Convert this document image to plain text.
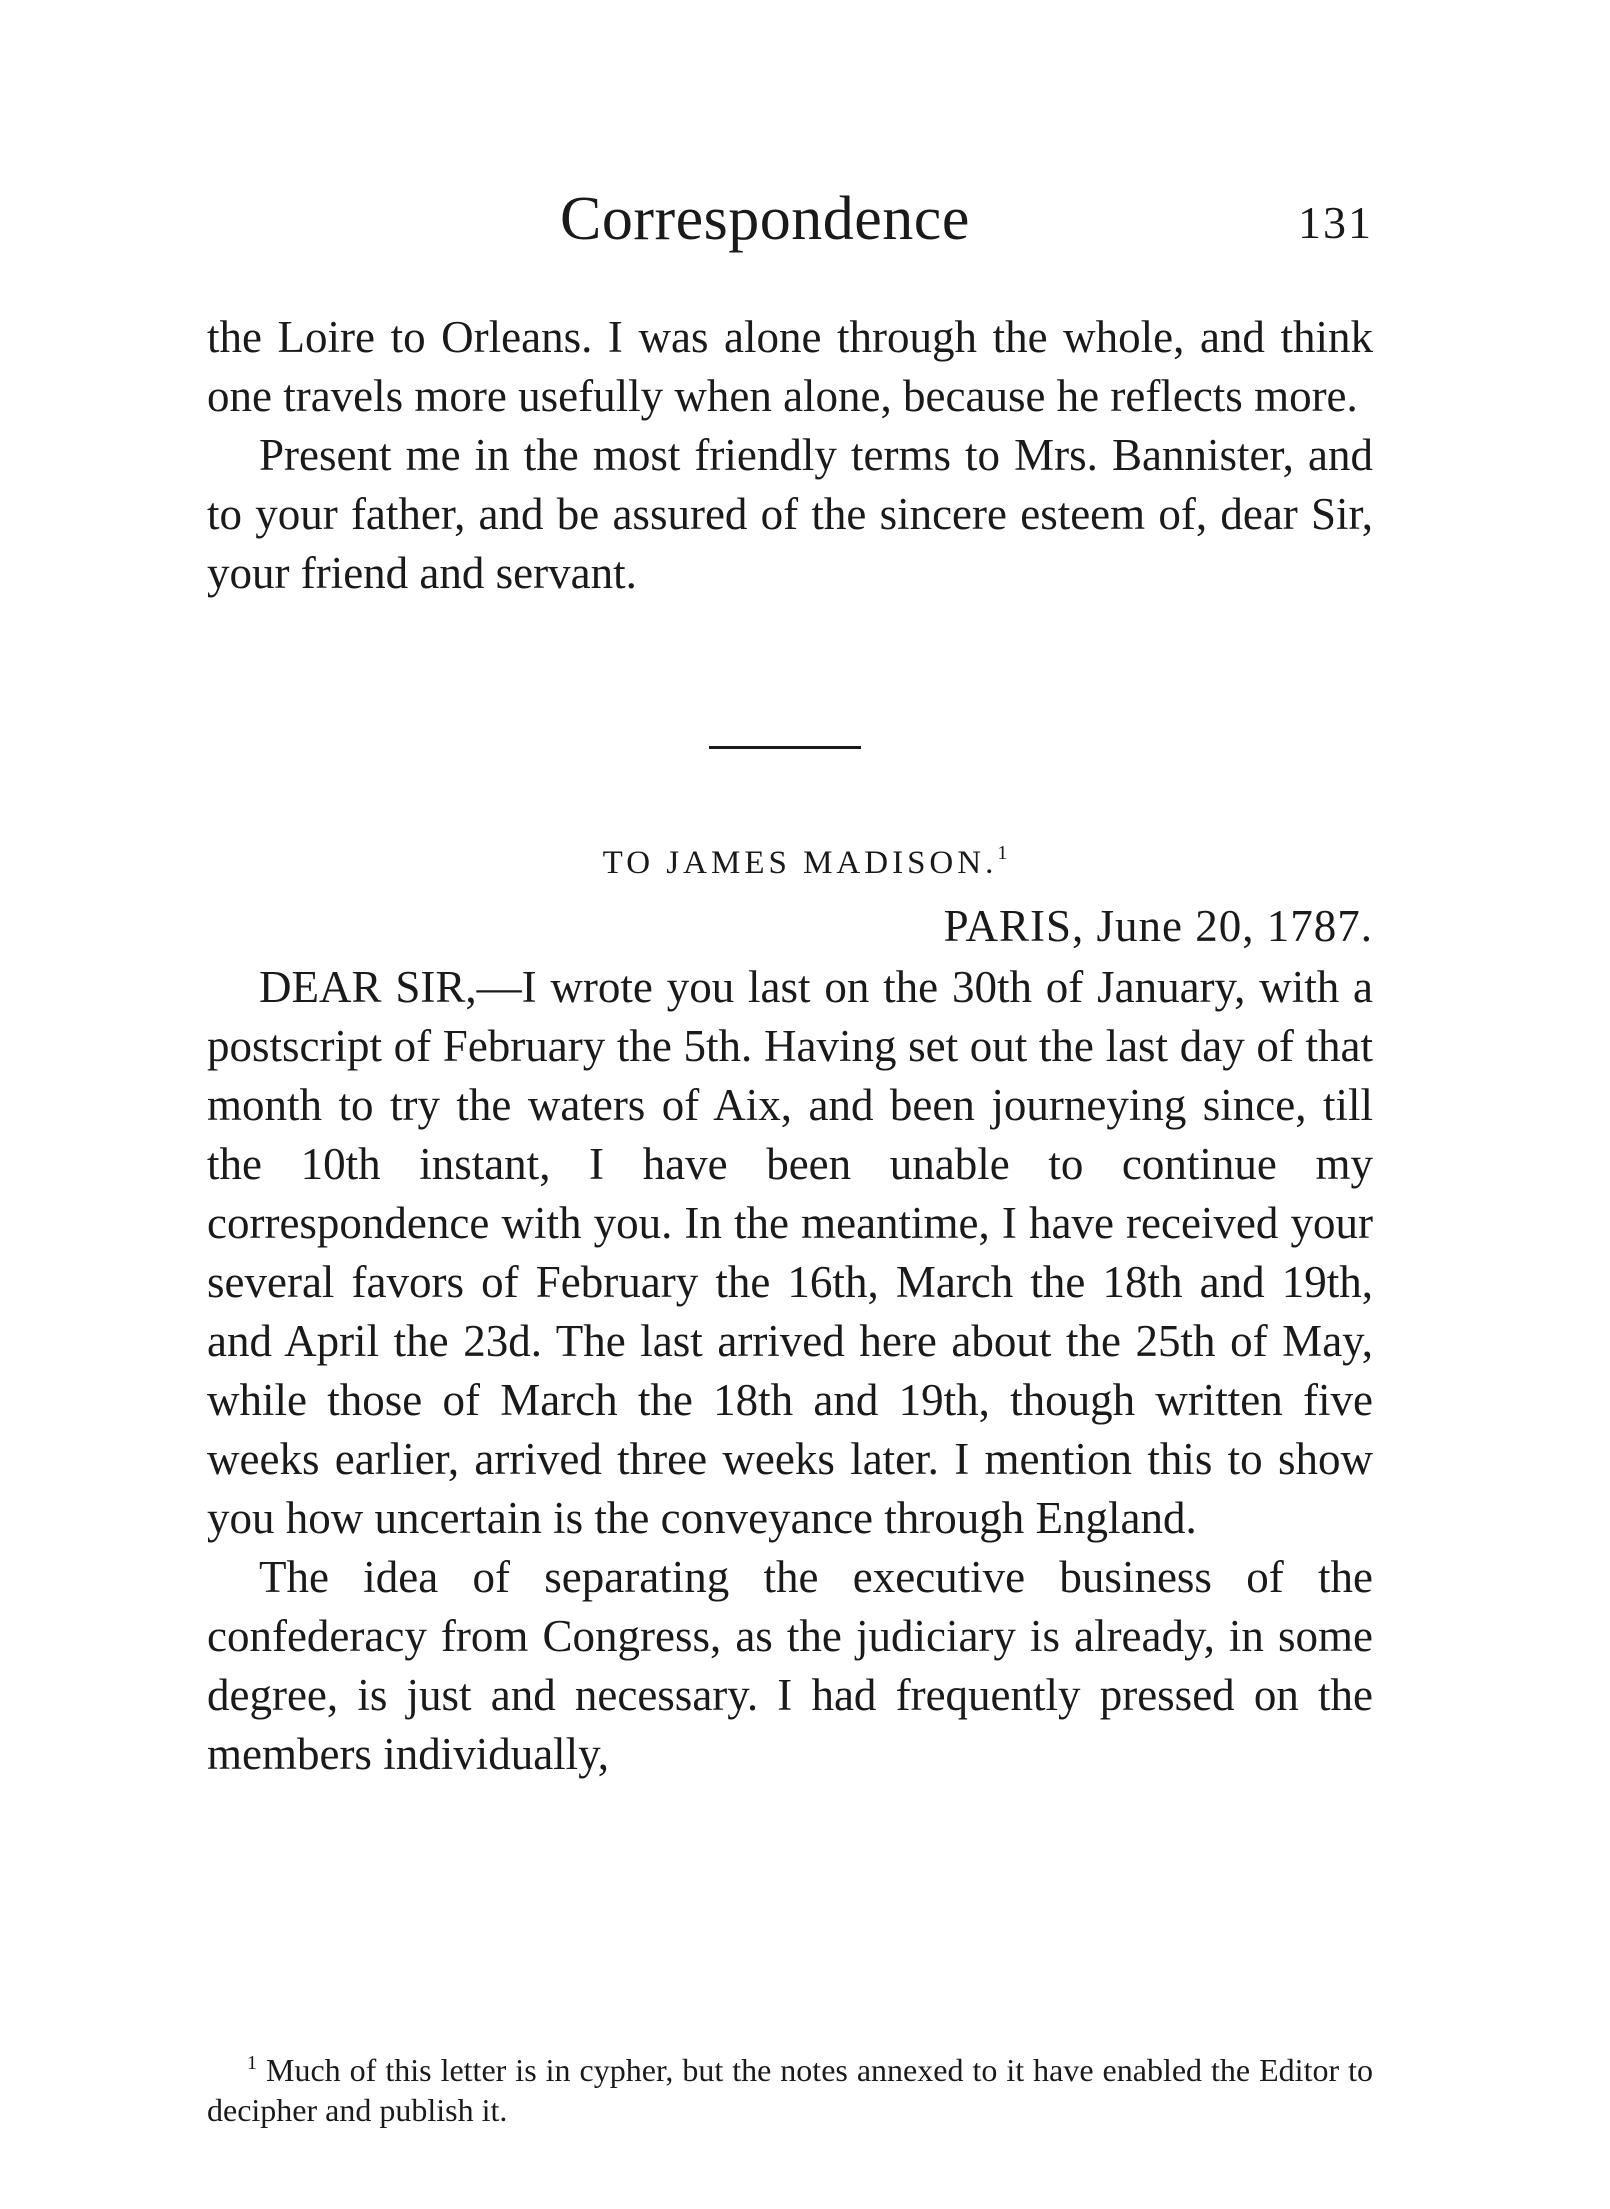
Correspondence	131

the Loire to Orleans. I was alone through the whole, and think one travels more usefully when alone, because he reflects more.

Present me in the most friendly terms to Mrs. Bannister, and to your father, and be assured of the sincere esteem of, dear Sir, your friend and servant.

TO JAMES MADISON.$^1$
PARIS, June 20, 1787.

DEAR SIR,—I wrote you last on the 30th of January, with a postscript of February the 5th. Having set out the last day of that month to try the waters of Aix, and been journeying since, till the 10th instant, I have been unable to continue my correspondence with you. In the meantime, I have received your several favors of February the 16th, March the 18th and 19th, and April the 23d. The last arrived here about the 25th of May, while those of March the 18th and 19th, though written five weeks earlier, arrived three weeks later. I mention this to show you how uncertain is the conveyance through England.

The idea of separating the executive business of the confederacy from Congress, as the judiciary is already, in some degree, is just and necessary. I had frequently pressed on the members individually,

$^1$ Much of this letter is in cypher, but the notes annexed to it have enabled the Editor to decipher and publish it.
